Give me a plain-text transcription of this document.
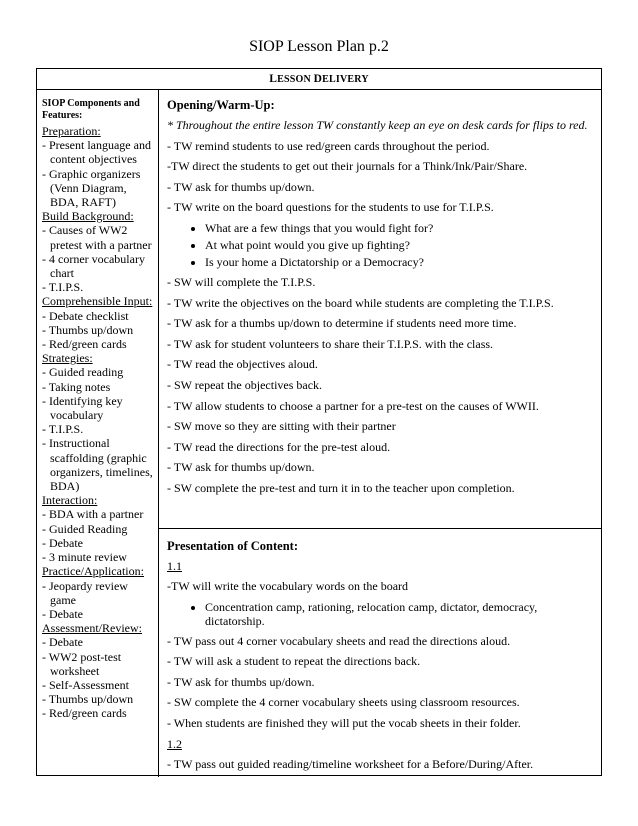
SIOP Lesson Plan p.2
LESSON DELIVERY
SIOP Components and Features:
Preparation:
- Present language and content objectives
- Graphic organizers (Venn Diagram, BDA, RAFT)
Build Background:
- Causes of WW2 pretest with a partner
- 4 corner vocabulary chart
- T.I.P.S.
Comprehensible Input:
- Debate checklist
- Thumbs up/down
- Red/green cards
Strategies:
- Guided reading
- Taking notes
- Identifying key vocabulary
- T.I.P.S.
- Instructional scaffolding (graphic organizers, timelines, BDA)
Interaction:
- BDA with a partner
- Guided Reading
- Debate
- 3 minute review
Practice/Application:
- Jeopardy review game
- Debate
Assessment/Review:
- Debate
- WW2 post-test worksheet
- Self-Assessment
- Thumbs up/down
- Red/green cards
Opening/Warm-Up:
* Throughout the entire lesson TW constantly keep an eye on desk cards for flips to red.
- TW remind students to use red/green cards throughout the period.
-TW direct the students to get out their journals for a Think/Ink/Pair/Share.
- TW ask for thumbs up/down.
- TW write on the board questions for the students to use for T.I.P.S.
• What are a few things that you would fight for?
• At what point would you give up fighting?
• Is your home a Dictatorship or a Democracy?
- SW will complete the T.I.P.S.
- TW write the objectives on the board while students are completing the T.I.P.S.
- TW ask for a thumbs up/down to determine if students need more time.
- TW ask for student volunteers to share their T.I.P.S. with the class.
- TW read the objectives aloud.
- SW repeat the objectives back.
- TW allow students to choose a partner for a pre-test on the causes of WWII.
- SW move so they are sitting with their partner
- TW read the directions for the pre-test aloud.
- TW ask for thumbs up/down.
- SW complete the pre-test and turn it in to the teacher upon completion.
Presentation of Content:
1.1
-TW will write the vocabulary words on the board
• Concentration camp, rationing, relocation camp, dictator, democracy, dictatorship.
- TW pass out 4 corner vocabulary sheets and read the directions aloud.
- TW will ask a student to repeat the directions back.
- TW ask for thumbs up/down.
- SW complete the 4 corner vocabulary sheets using classroom resources.
- When students are finished they will put the vocab sheets in their folder.
1.2
- TW pass out guided reading/timeline worksheet for a Before/During/After.
